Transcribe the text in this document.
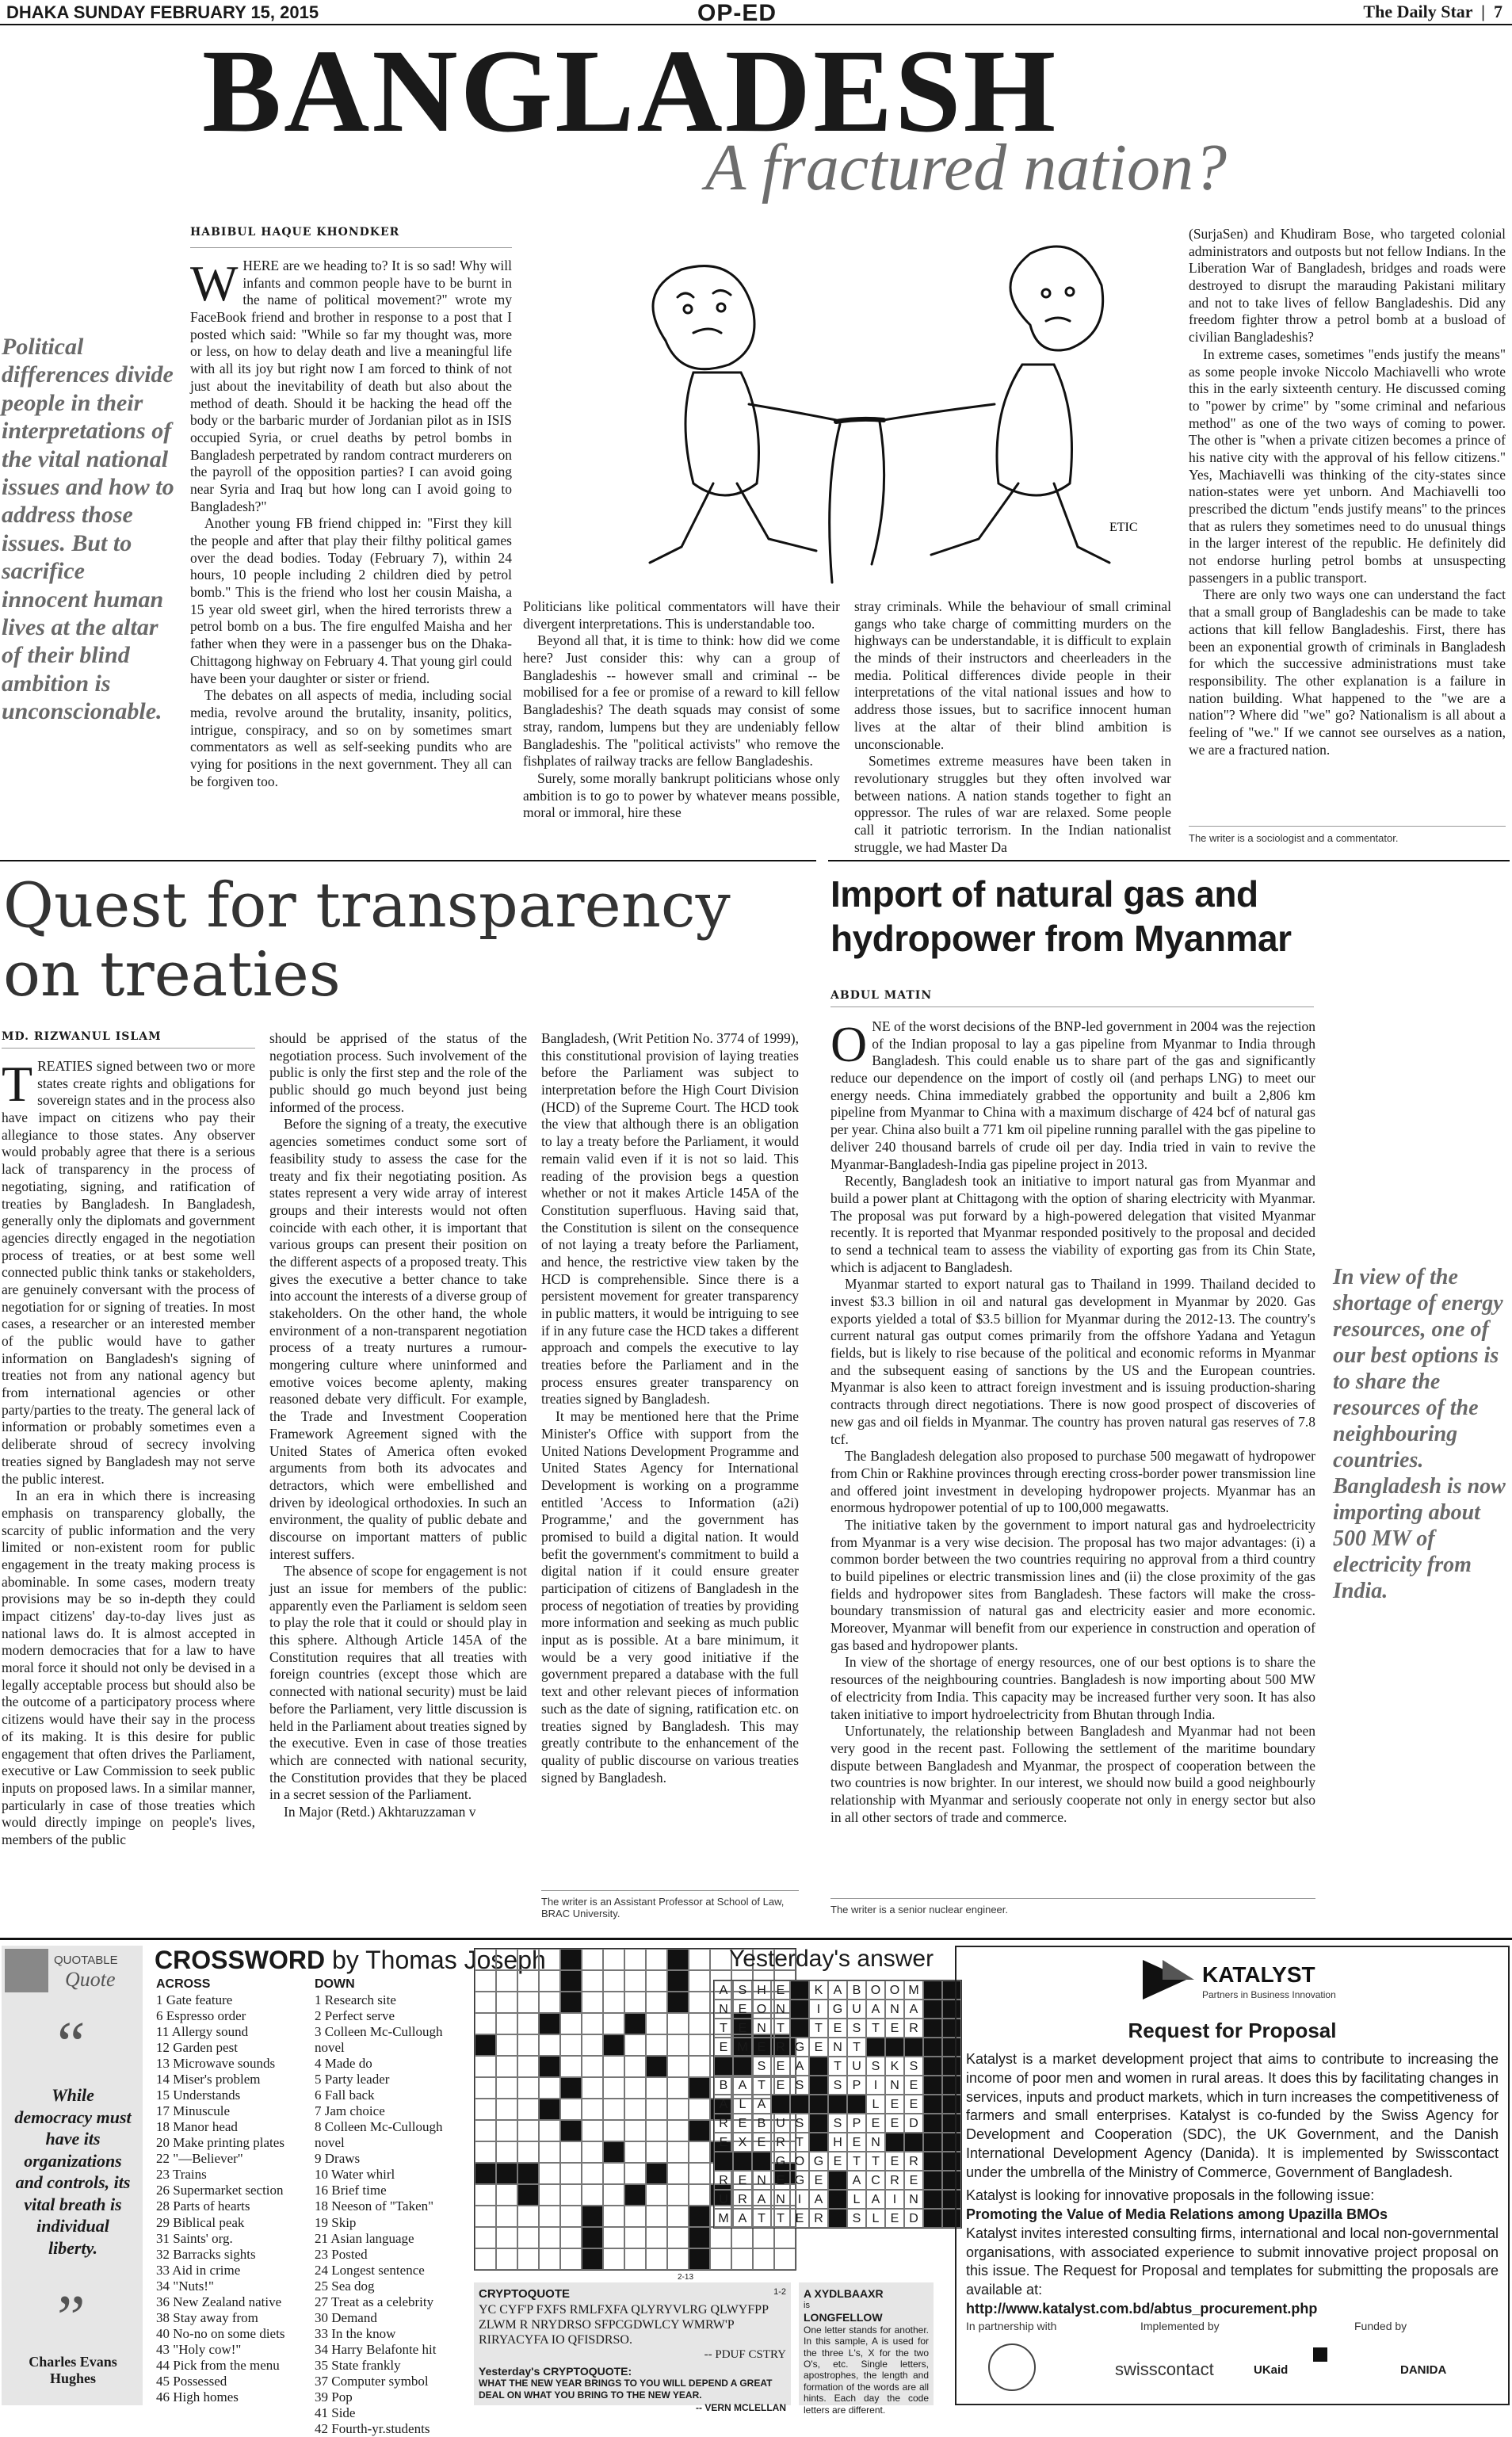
DHAKA SUNDAY FEBRUARY 15, 2015	OP-ED	The Daily Star  |  7
BANGLADESH
A fractured nation?
HABIBUL HAQUE KHONDKER
Political differences divide people in their interpretations of the vital national issues and how to address those issues. But to sacrifice innocent human lives at the altar of their blind ambition is unconscionable.

WHERE are we heading to? It is so sad! Why will infants and common people have to be burnt in the name of political movement?" wrote my FaceBook friend and brother in response to a post that I posted which said: "While so far my thought was, more or less, on how to delay death and live a meaningful life with all its joy but right now I am forced to think of not just about the inevitability of death but also about the method of death. Should it be hacking the head off the body or the barbaric murder of Jordanian pilot as in ISIS occupied Syria, or cruel deaths by petrol bombs in Bangladesh perpetrated by random contract murderers on the payroll of the opposition parties? I can avoid going near Syria and Iraq but how long can I avoid going to Bangladesh?"

Another young FB friend chipped in: "First they kill the people and after that play their filthy political games over the dead bodies. Today (February 7), within 24 hours, 10 people including 2 children died by petrol bomb." This is the friend who lost her cousin Maisha, a 15 year old sweet girl, when the hired terrorists threw a petrol bomb on a bus. The fire engulfed Maisha and her father when they were in a passenger bus on the Dhaka-Chittagong highway on February 4. That young girl could have been your daughter or sister or friend.

The debates on all aspects of media, including social media, revolve around the brutality, insanity, politics, intrigue, conspiracy, and so on by sometimes smart commentators as well as self-seeking pundits who are vying for positions in the next government. They all can be forgiven too.

ETIC

Politicians like political commentators will have their divergent interpretations. This is understandable too.

Beyond all that, it is time to think: how did we come here? Just consider this: why can a group of Bangladeshis -- however small and criminal -- be mobilised for a fee or promise of a reward to kill fellow Bangladeshis? The death squads may consist of some stray, random, lumpens but they are undeniably fellow Bangladeshis. The "political activists" who remove the fishplates of railway tracks are fellow Bangladeshis.

Surely, some morally bankrupt politicians whose only ambition is to go to power by whatever means possible, moral or immoral, hire these

stray criminals. While the behaviour of small criminal gangs who take charge of committing murders on the highways can be understandable, it is difficult to explain the minds of their instructors and cheerleaders in the media. Political differences divide people in their interpretations of the vital national issues and how to address those issues, but to sacrifice innocent human lives at the altar of their blind ambition is unconscionable.

Sometimes extreme measures have been taken in revolutionary struggles but they often involved war between nations. A nation stands together to fight an oppressor. The rules of war are relaxed. Some people call it patriotic terrorism. In the Indian nationalist struggle, we had Master Da

(SurjaSen) and Khudiram Bose, who targeted colonial administrators and outposts but not fellow Indians. In the Liberation War of Bangladesh, bridges and roads were destroyed to disrupt the marauding Pakistani military and not to take lives of fellow Bangladeshis. Did any freedom fighter throw a petrol bomb at a busload of civilian Bangladeshis?

In extreme cases, sometimes "ends justify the means" as some people invoke Niccolo Machiavelli who wrote this in the early sixteenth century. He discussed coming to "power by crime" by "some criminal and nefarious method" as one of the two ways of coming to power. The other is "when a private citizen becomes a prince of his native city with the approval of his fellow citizens." Yes, Machiavelli was thinking of the city-states since nation-states were yet unborn. And Machiavelli too prescribed the dictum "ends justify means" to the princes that as rulers they sometimes need to do unusual things in the larger interest of the republic. He definitely did not endorse hurling petrol bombs at unsuspecting passengers in a public transport.

There are only two ways one can understand the fact that a small group of Bangladeshis can be made to take actions that kill fellow Bangladeshis. First, there has been an exponential growth of criminals in Bangladesh for which the successive administrations must take responsibility. The other explanation is a failure in nation building. What happened to the "we are a nation"? Where did "we" go? Nationalism is all about a feeling of "we." If we cannot see ourselves as a nation, we are a fractured nation.

The writer is a sociologist and a commentator.
Quest for transparency on treaties
MD. RIZWANUL ISLAM

TREATIES signed between two or more states create rights and obligations for sovereign states and in the process also have impact on citizens who pay their allegiance to those states. Any observer would probably agree that there is a serious lack of transparency in the process of negotiating, signing, and ratification of treaties by Bangladesh. In Bangladesh, generally only the diplomats and government agencies directly engaged in the negotiation process of treaties, or at best some well connected public think tanks or stakeholders, are genuinely conversant with the process of negotiation for or signing of treaties. In most cases, a researcher or an interested member of the public would have to gather information on Bangladesh's signing of treaties not from any national agency but from international agencies or other party/parties to the treaty. The general lack of information or probably sometimes even a deliberate shroud of secrecy involving treaties signed by Bangladesh may not serve the public interest.

In an era in which there is increasing emphasis on transparency globally, the scarcity of public information and the very limited or non-existent room for public engagement in the treaty making process is abominable. In some cases, modern treaty provisions may be so in-depth they could impact citizens' day-to-day lives just as national laws do. It is almost accepted in modern democracies that for a law to have moral force it should not only be devised in a legally acceptable process but should also be the outcome of a participatory process where citizens would have their say in the process of its making. It is this desire for public engagement that often drives the Parliament, executive or Law Commission to seek public inputs on proposed laws. In a similar manner, particularly in case of those treaties which would directly impinge on people's lives, members of the public

should be apprised of the status of the negotiation process. Such involvement of the public is only the first step and the role of the public should go much beyond just being informed of the process.

Before the signing of a treaty, the executive agencies sometimes conduct some sort of feasibility study to assess the case for the treaty and fix their negotiating position. As states represent a very wide array of interest groups and their interests would not often coincide with each other, it is important that various groups can present their position on the different aspects of a proposed treaty. This gives the executive a better chance to take into account the interests of a diverse group of stakeholders. On the other hand, the whole environment of a non-transparent negotiation process of a treaty nurtures a rumour-mongering culture where uninformed and emotive voices become aplenty, making reasoned debate very difficult. For example, the Trade and Investment Cooperation Framework Agreement signed with the United States of America often evoked arguments from both its advocates and detractors, which were embellished and driven by ideological orthodoxies. In such an environment, the quality of public debate and discourse on important matters of public interest suffers.

The absence of scope for engagement is not just an issue for members of the public: apparently even the Parliament is seldom seen to play the role that it could or should play in this sphere. Although Article 145A of the Constitution requires that all treaties with foreign countries (except those which are connected with national security) must be laid before the Parliament, very little discussion is held in the Parliament about treaties signed by the executive. Even in case of those treaties which are connected with national security, the Constitution provides that they be placed in a secret session of the Parliament.

In Major (Retd.) Akhtaruzzaman v

Bangladesh, (Writ Petition No. 3774 of 1999), this constitutional provision of laying treaties before the Parliament was subject to interpretation before the High Court Division (HCD) of the Supreme Court. The HCD took the view that although there is an obligation to lay a treaty before the Parliament, it would remain valid even if it is not so laid. This reading of the provision begs a question whether or not it makes Article 145A of the Constitution superfluous. Having said that, the Constitution is silent on the consequence of not laying a treaty before the Parliament, and hence, the restrictive view taken by the HCD is comprehensible. Since there is a persistent movement for greater transparency in public matters, it would be intriguing to see if in any future case the HCD takes a different approach and compels the executive to lay treaties before the Parliament and in the process ensures greater transparency on treaties signed by Bangladesh.

It may be mentioned here that the Prime Minister's Office with support from the United Nations Development Programme and United States Agency for International Development is working on a programme entitled 'Access to Information (a2i) Programme,' and the government has promised to build a digital nation. It would befit the government's commitment to build a digital nation if it could ensure greater participation of citizens of Bangladesh in the process of negotiation of treaties by providing more information and seeking as much public input as is possible. At a bare minimum, it would be a very good initiative if the government prepared a database with the full text and other relevant pieces of information such as the date of signing, ratification etc. on treaties signed by Bangladesh. This may greatly contribute to the enhancement of the quality of public discourse on various treaties signed by Bangladesh.

The writer is an Assistant Professor at School of Law, BRAC University.
Import of natural gas and hydropower from Myanmar
ABDUL MATIN

ONE of the worst decisions of the BNP-led government in 2004 was the rejection of the Indian proposal to lay a gas pipeline from Myanmar to India through Bangladesh. This could enable us to share part of the gas and significantly reduce our dependence on the import of costly oil (and perhaps LNG) to meet our energy needs. China immediately grabbed the opportunity and built a 2,806 km pipeline from Myanmar to China with a maximum discharge of 424 bcf of natural gas per year. China also built a 771 km oil pipeline running parallel with the gas pipeline to deliver 240 thousand barrels of crude oil per day. India tried in vain to revive the Myanmar-Bangladesh-India gas pipeline project in 2013.

Recently, Bangladesh took an initiative to import natural gas from Myanmar and build a power plant at Chittagong with the option of sharing electricity with Myanmar. The proposal was put forward by a high-powered delegation that visited Myanmar recently. It is reported that Myanmar responded positively to the proposal and decided to send a technical team to assess the viability of exporting gas from its Chin State, which is adjacent to Bangladesh.

Myanmar started to export natural gas to Thailand in 1999. Thailand decided to invest $3.3 billion in oil and natural gas development in Myanmar by 2020. Gas exports yielded a total of $3.5 billion for Myanmar during the 2012-13. The country's current natural gas output comes primarily from the offshore Yadana and Yetagun fields, but is likely to rise because of the political and economic reforms in Myanmar and the subsequent easing of sanctions by the US and the European countries. Myanmar is also keen to attract foreign investment and is issuing production-sharing contracts through direct negotiations. There is now good prospect of discoveries of new gas and oil fields in Myanmar. The country has proven natural gas reserves of 7.8 tcf.

The Bangladesh delegation also proposed to purchase 500 megawatt of hydropower from Chin or Rakhine provinces through erecting cross-border power transmission line and offered joint investment in developing hydropower projects. Myanmar has an enormous hydropower potential of up to 100,000 megawatts.

The initiative taken by the government to import natural gas and hydroelectricity from Myanmar is a very wise decision. The proposal has two major advantages: (i) a common border between the two countries requiring no approval from a third country to build pipelines or electric transmission lines and (ii) the close proximity of the gas fields and hydropower sites from Bangladesh. These factors will make the cross-boundary transmission of natural gas and electricity easier and more economic. Moreover, Myanmar will benefit from our experience in construction and operation of gas based and hydropower plants.

In view of the shortage of energy resources, one of our best options is to share the resources of the neighbouring countries. Bangladesh is now importing about 500 MW of electricity from India. This capacity may be increased further very soon. It has also taken initiative to import hydroelectricity from Bhutan through India.

Unfortunately, the relationship between Bangladesh and Myanmar had not been very good in the recent past. Following the settlement of the maritime boundary dispute between Bangladesh and Myanmar, the prospect of cooperation between the two countries is now brighter. In our interest, we should now build a good neighbourly relationship with Myanmar and seriously cooperate not only in energy sector but also in all other sectors of trade and commerce.

In view of the shortage of energy resources, one of our best options is to share the resources of the neighbouring countries. Bangladesh is now importing about 500 MW of electricity from India.
The writer is a senior nuclear engineer.
QUOTABLE
Quote
“
While democracy must have its organizations and controls, its vital breath is individual liberty.
”
Charles Evans Hughes
CROSSWORD by Thomas Joseph
ACROSS
1 Gate feature
6 Espresso order
11 Allergy sound
12 Garden pest
13 Microwave sounds
14 Miser's problem
15 Understands
17 Minuscule
18 Manor head
20 Make printing plates
22 "—Believer"
23 Trains
26 Supermarket section
28 Parts of hearts
29 Biblical peak
31 Saints' org.
32 Barracks sights
33 Aid in crime
34 "Nuts!"
36 New Zealand native
38 Stay away from
40 No-no on some diets
43 "Holy cow!"
44 Pick from the menu
45 Possessed
46 High homes
DOWN
1 Research site
2 Perfect serve
3 Colleen Mc-Cullough novel
4 Made do
5 Party leader
6 Fall back
7 Jam choice
8 Colleen Mc-Cullough novel
9 Draws
10 Water whirl
16 Brief time
18 Neeson of "Taken"
19 Skip
21 Asian language
23 Posted
24 Longest sentence
25 Sea dog
27 Treat as a celebrity
30 Demand
33 In the know
34 Harry Belafonte hit
35 State frankly
37 Computer symbol
39 Pop
41 Side
42 Fourth-yr.students
2-13
Yesterday's answer
A S H E	K A B O O M
N E O N	I G U A N A
T E N T	T E S T E R
E M E R G E N T
S E A	T U S K S
B A T E S	S P	I	N E
A L A	L E E
R E B U S	S P E E D
E X E R T	H E N
G O G E T T E R
R E N E G E	A C R E
U R A N I	A	L A	I	N
M A T T E R	S L E D
CRYPTOQUOTE	1-2
YC CYF'P FXFS RMLFXFA QLYRYVLRG QLWYFPP ZLWM R NRYDRSO SFPCGDWLCY WMRW'P RIRYACYFA IO QFISDRSO.
-- PDUF CSTRY
Yesterday's CRYPTOQUOTE:
WHAT THE NEW YEAR BRINGS TO YOU WILL DEPEND A GREAT DEAL ON WHAT YOU BRING TO THE NEW YEAR.
-- VERN MCLELLAN
A XYDLBAAXR
is
LONGFELLOW
One letter stands for another. In this sample, A is used for the three L's, X for the two O's, etc. Single letters, apostrophes, the length and formation of the words are all hints. Each day the code letters are different.
KATALYST
Partners in Business Innovation
Request for Proposal

Katalyst is a market development project that aims to contribute to increasing the income of poor men and women in rural areas. It does this by facilitating changes in services, inputs and product markets, which in turn increases the competitiveness of farmers and small enterprises. Katalyst is co-funded by the Swiss Agency for Development and Cooperation (SDC), the UK Government, and the Danish International Development Agency (Danida). It is implemented by Swisscontact under the umbrella of the Ministry of Commerce, Government of Bangladesh.

Katalyst is looking for innovative proposals in the following issue:

Promoting the Value of Media Relations among Upazilla BMOs

Katalyst invites interested consulting firms, international and local non-governmental organisations, with associated experience to submit innovative project proposal on this issue. The Request for Proposal and templates for submitting the proposals are available at:

http://www.katalyst.com.bd/abtus_procurement.php

In partnership with	Implemented by	Funded by
swisscontact	UKaid	DANIDA
